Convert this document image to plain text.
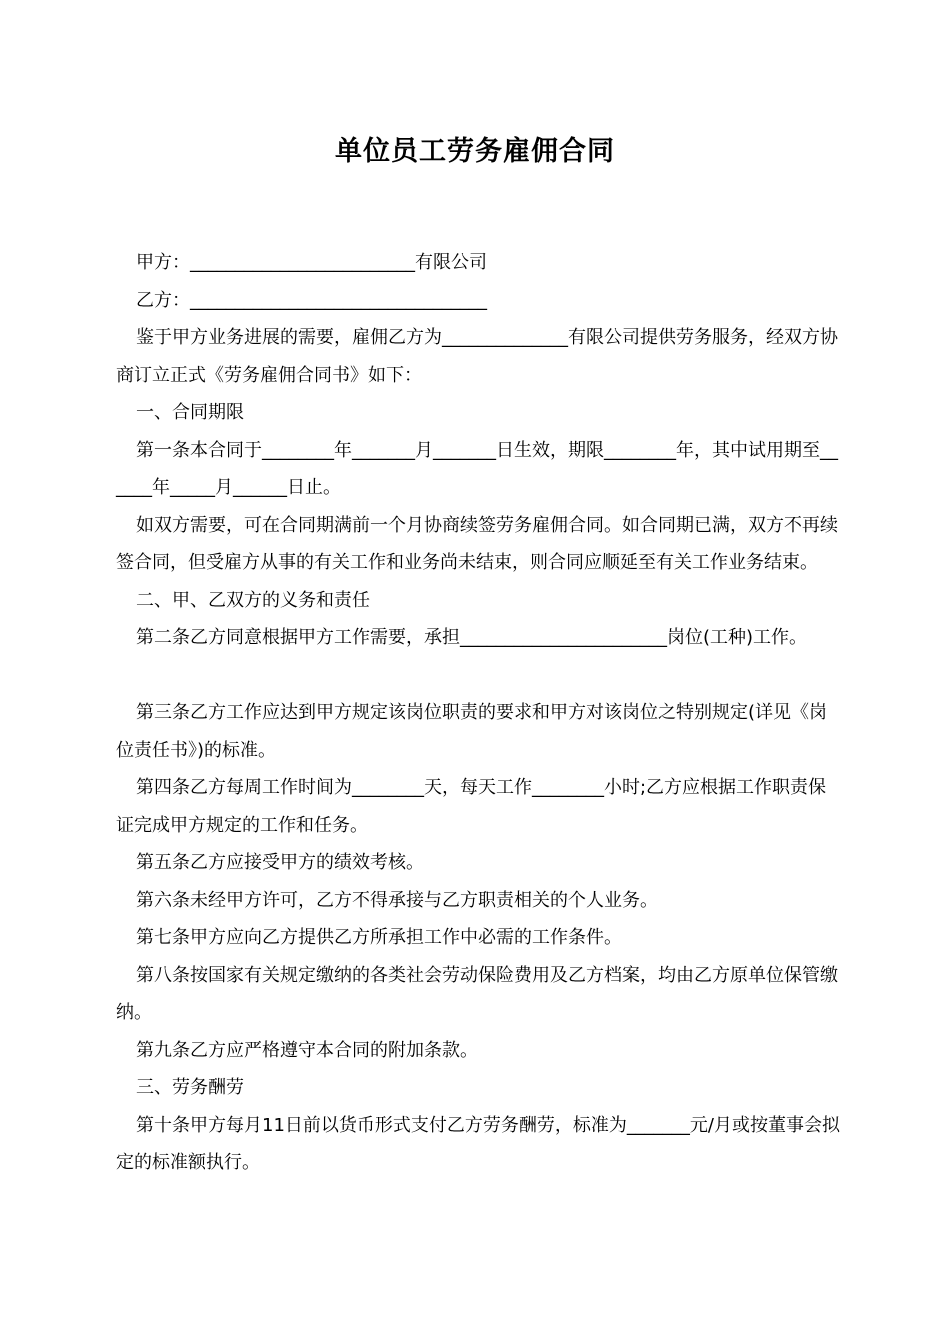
单位员工劳务雇佣合同

甲方：_________________________有限公司

乙方：_________________________________

鉴于甲方业务进展的需要，雇佣乙方为______________有限公司提供劳务服务，经双方协商订立正式《劳务雇佣合同书》如下：

一、合同期限

第一条本合同于________年_______月_______日生效，期限________年，其中试用期至______年_____月______日止。

如双方需要，可在合同期满前一个月协商续签劳务雇佣合同。如合同期已满，双方不再续签合同，但受雇方从事的有关工作和业务尚未结束，则合同应顺延至有关工作业务结束。

二、甲、乙双方的义务和责任

第二条乙方同意根据甲方工作需要，承担_______________________岗位(工种)工作。

第三条乙方工作应达到甲方规定该岗位职责的要求和甲方对该岗位之特别规定(详见《岗位责任书》)的标准。

第四条乙方每周工作时间为________天，每天工作________小时;乙方应根据工作职责保证完成甲方规定的工作和任务。

第五条乙方应接受甲方的绩效考核。

第六条未经甲方许可，乙方不得承接与乙方职责相关的个人业务。

第七条甲方应向乙方提供乙方所承担工作中必需的工作条件。

第八条按国家有关规定缴纳的各类社会劳动保险费用及乙方档案，均由乙方原单位保管缴纳。

第九条乙方应严格遵守本合同的附加条款。

三、劳务酬劳

第十条甲方每月11日前以货币形式支付乙方劳务酬劳，标准为_______元/月或按董事会拟定的标准额执行。
